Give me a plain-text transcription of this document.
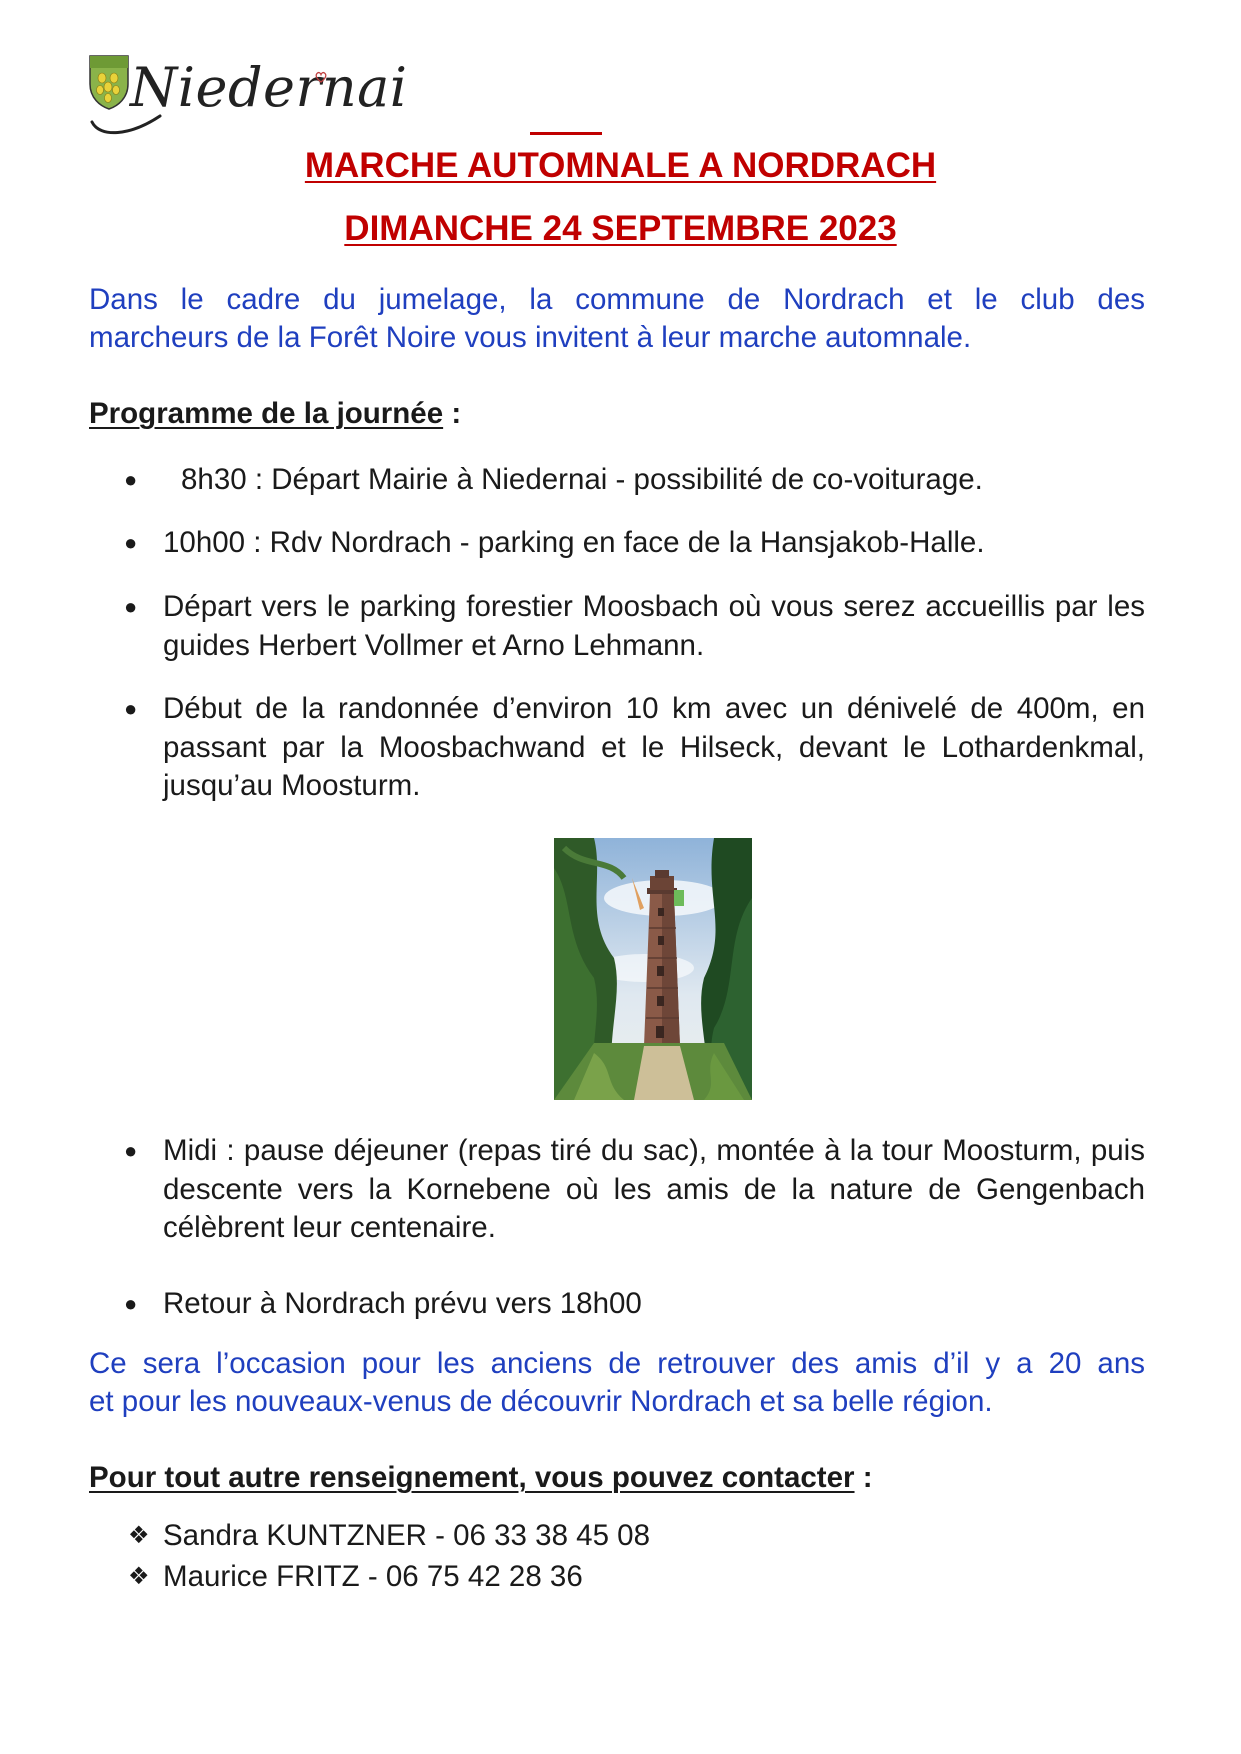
Niedernai
MARCHE AUTOMNALE A NORDRACH
DIMANCHE 24 SEPTEMBRE 2023
Dans le cadre du jumelage, la commune de Nordrach et le club des
marcheurs de la Forêt Noire vous invitent à leur marche automnale.
Programme de la journée :
● 8h30 : Départ Mairie à Niedernai - possibilité de co-voiturage.
● 10h00 : Rdv Nordrach - parking en face de la Hansjakob-Halle.
● Départ vers le parking forestier Moosbach où vous serez accueillis par les guides Herbert Vollmer et Arno Lehmann.
● Début de la randonnée d’environ 10 km avec un dénivelé de 400m, en passant par la Moosbachwand et le Hilseck, devant le Lothardenkmal, jusqu’au Moosturm.
● Midi : pause déjeuner (repas tiré du sac), montée à la tour Moosturm, puis descente vers la Kornebene où les amis de la nature de Gengenbach célèbrent leur centenaire.
● Retour à Nordrach prévu vers 18h00
Ce sera l’occasion pour les anciens de retrouver des amis d’il y a 20 ans
et pour les nouveaux-venus de découvrir Nordrach et sa belle région.
Pour tout autre renseignement, vous pouvez contacter :
❖ Sandra KUNTZNER - 06 33 38 45 08
❖ Maurice FRITZ - 06 75 42 28 36
